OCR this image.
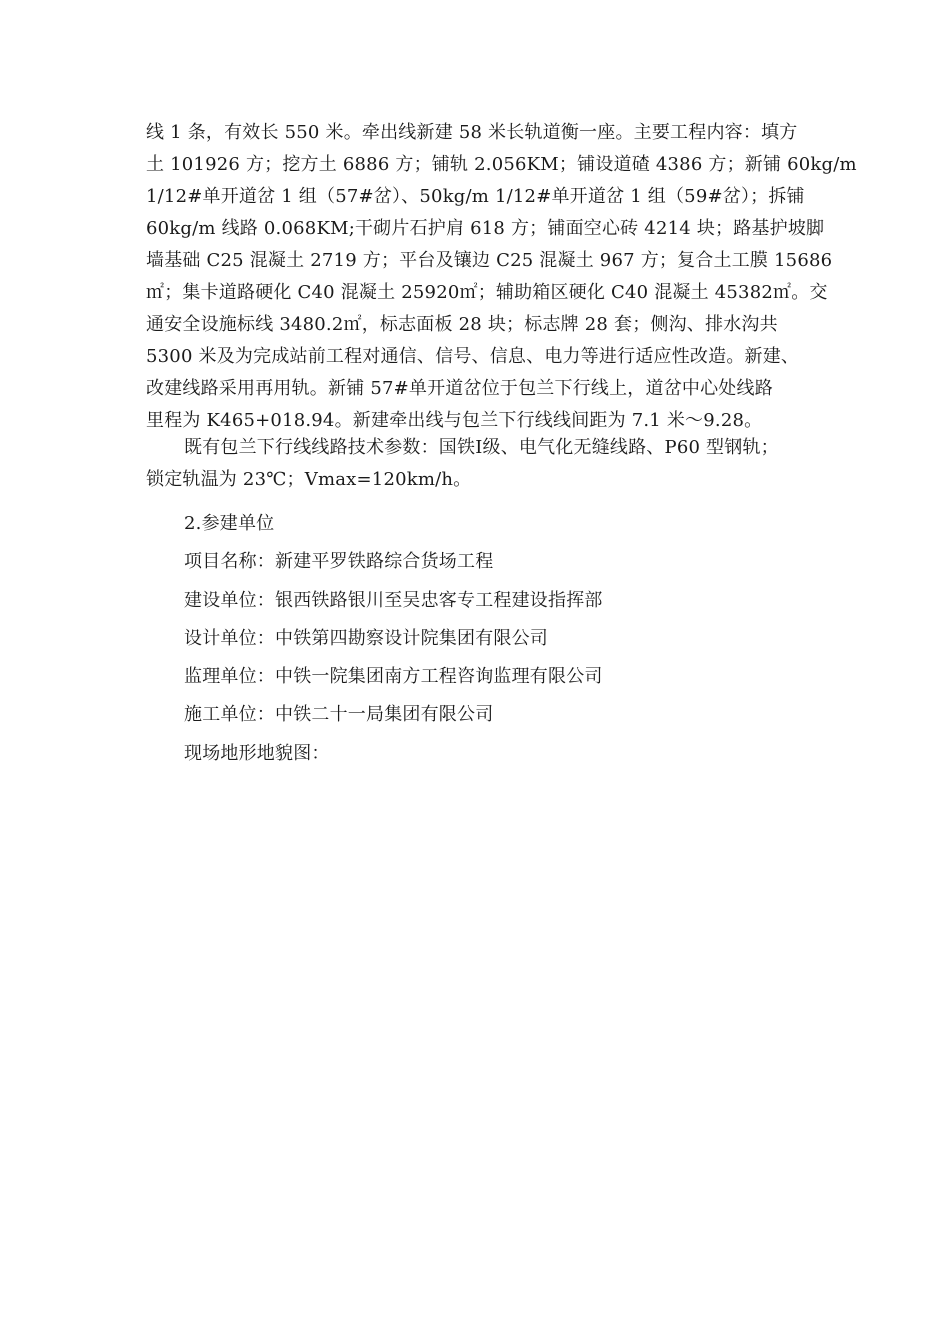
线 1 条，有效长 550 米。牵出线新建 58 米长轨道衡一座。主要工程内容：填方
土 101926 方；挖方土 6886 方；铺轨 2.056KM；铺设道碴 4386 方；新铺 60kg/m
1/12#单开道岔 1 组（57#岔）、50kg/m 1/12#单开道岔 1 组（59#岔）；拆铺
60kg/m 线路 0.068KM;干砌片石护肩 618 方；铺面空心砖 4214 块；路基护坡脚
墙基础 C25 混凝土 2719 方；平台及镶边 C25 混凝土 967 方；复合土工膜 15686
㎡；集卡道路硬化 C40 混凝土 25920㎡；辅助箱区硬化 C40 混凝土 45382㎡。交
通安全设施标线 3480.2㎡，标志面板 28 块；标志牌 28 套；侧沟、排水沟共
5300 米及为完成站前工程对通信、信号、信息、电力等进行适应性改造。新建、
改建线路采用再用轨。新铺 57#单开道岔位于包兰下行线上，道岔中心处线路
里程为 K465+018.94。新建牵出线与包兰下行线线间距为 7.1 米～9.28。
既有包兰下行线线路技术参数：国铁Ⅰ级、电气化无缝线路、P60 型钢轨；
锁定轨温为 23℃；Vmax=120km/h。
2.参建单位
项目名称：新建平罗铁路综合货场工程
建设单位：银西铁路银川至吴忠客专工程建设指挥部
设计单位：中铁第四勘察设计院集团有限公司
监理单位：中铁一院集团南方工程咨询监理有限公司
施工单位：中铁二十一局集团有限公司
现场地形地貌图：
